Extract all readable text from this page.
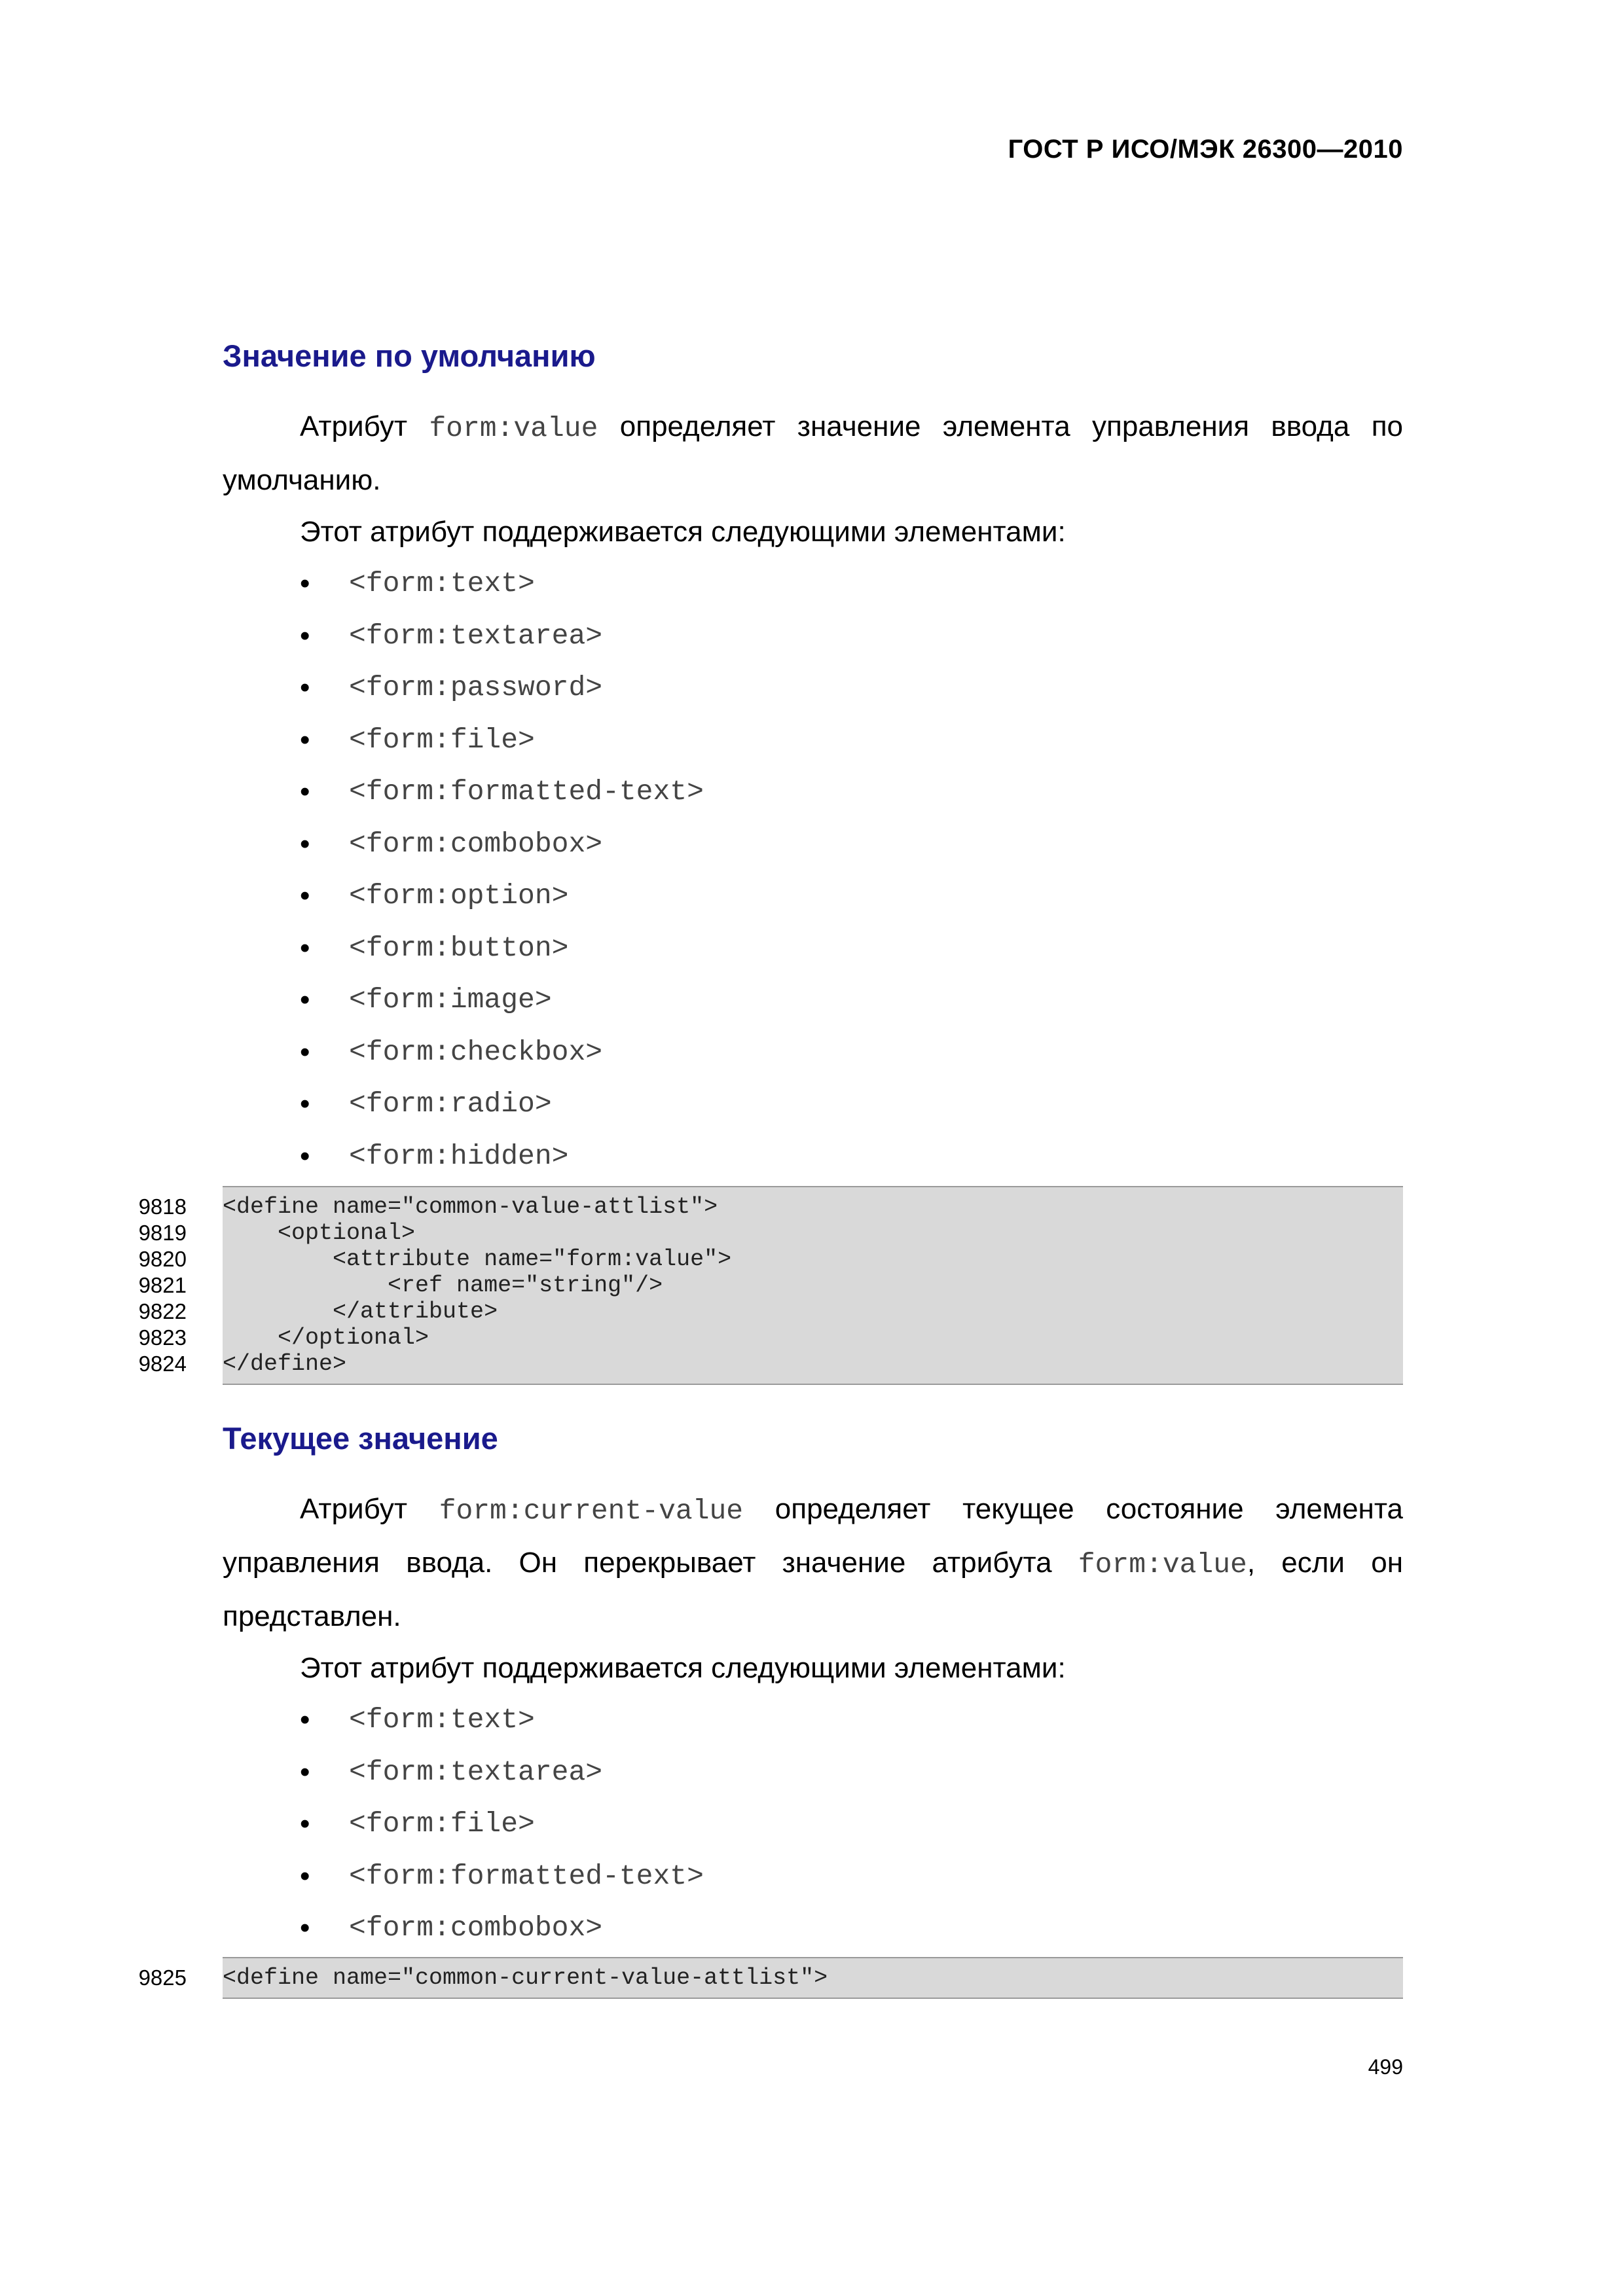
ГОСТ Р ИСО/МЭК 26300—2010
Значение по умолчанию

Атрибут form:value определяет значение элемента управления ввода по умолчанию.

Этот атрибут поддерживается следующими элементами:

• <form:text>
• <form:textarea>
• <form:password>
• <form:file>
• <form:formatted-text>
• <form:combobox>
• <form:option>
• <form:button>
• <form:image>
• <form:checkbox>
• <form:radio>
• <form:hidden>
9818 <define name="common-value-attlist">
9819 <optional>
9820 <attribute name="form:value">
9821 <ref name="string"/>
9822 </attribute>
9823 </optional>
9824 </define>
Текущее значение

Атрибут form:current-value определяет текущее состояние элемента управления ввода. Он перекрывает значение атрибута form:value, если он представлен.

Этот атрибут поддерживается следующими элементами:

• <form:text>
• <form:textarea>
• <form:file>
• <form:formatted-text>
• <form:combobox>
9825 <define name="common-current-value-attlist">
499
